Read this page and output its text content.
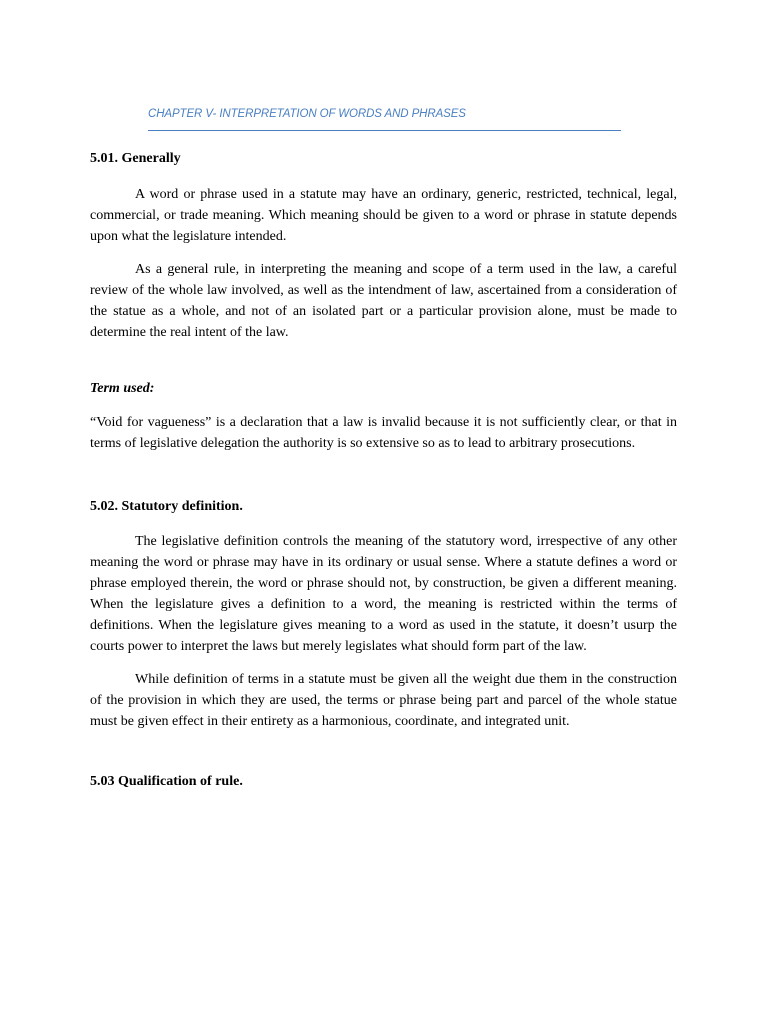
CHAPTER V- INTERPRETATION OF WORDS AND PHRASES

5.01. Generally

A word or phrase used in a statute may have an ordinary, generic, restricted, technical, legal, commercial, or trade meaning. Which meaning should be given to a word or phrase in statute depends upon what the legislature intended.

As a general rule, in interpreting the meaning and scope of a term used in the law, a careful review of the whole law involved, as well as the intendment of law, ascertained from a consideration of the statue as a whole, and not of an isolated part or a particular provision alone, must be made to determine the real intent of the law.

Term used:

“Void for vagueness” is a declaration that a law is invalid because it is not sufficiently clear, or that in terms of legislative delegation the authority is so extensive so as to lead to arbitrary prosecutions.

5.02. Statutory definition.

The legislative definition controls the meaning of the statutory word, irrespective of any other meaning the word or phrase may have in its ordinary or usual sense. Where a statute defines a word or phrase employed therein, the word or phrase should not, by construction, be given a different meaning. When the legislature gives a definition to a word, the meaning is restricted within the terms of definitions. When the legislature gives meaning to a word as used in the statute, it doesn’t usurp the courts power to interpret the laws but merely legislates what should form part of the law.

While definition of terms in a statute must be given all the weight due them in the construction of the provision in which they are used, the terms or phrase being part and parcel of the whole statue must be given effect in their entirety as a harmonious, coordinate, and integrated unit.

5.03 Qualification of rule.
